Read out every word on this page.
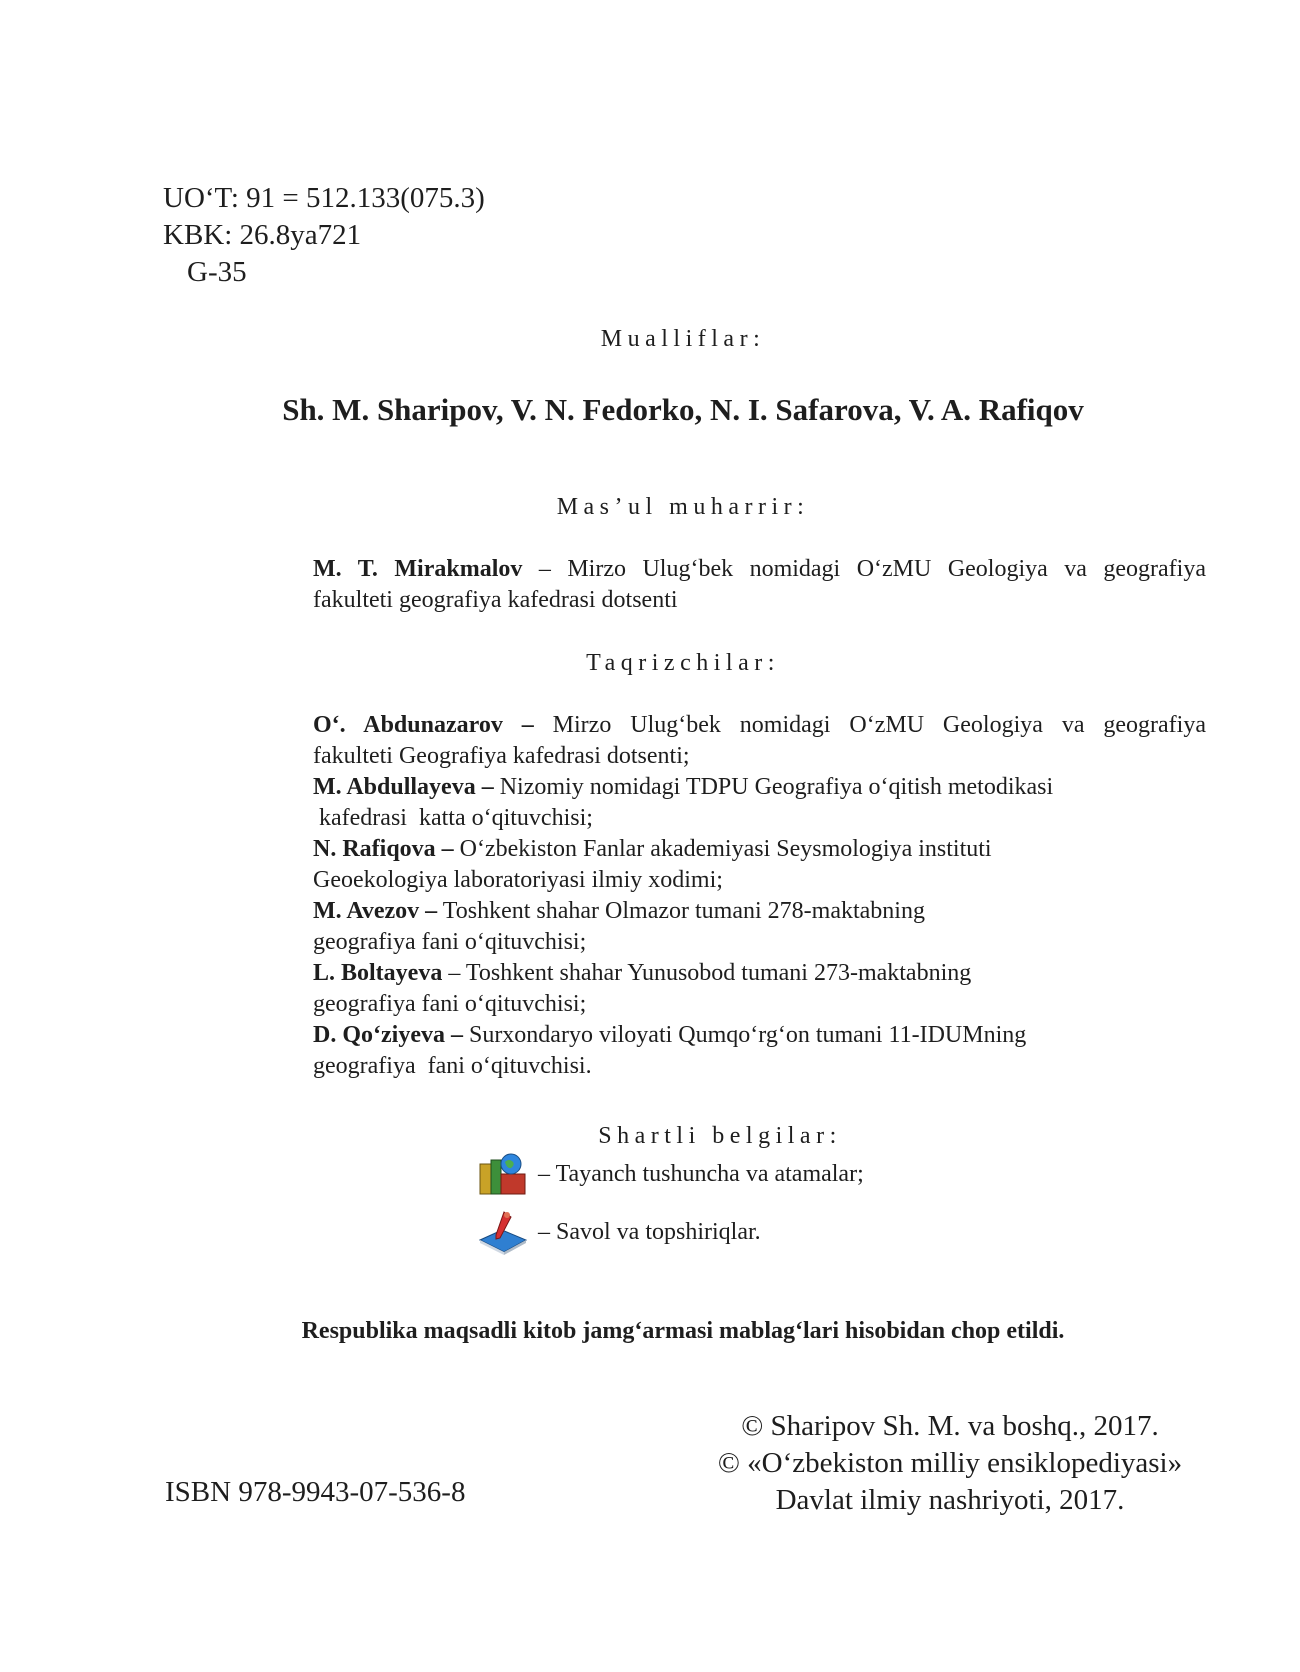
UO‘T: 91 = 512.133(075.3)
KBK: 26.8ya721
G-35
Mualliflar:
Sh. M. Sharipov, V. N. Fedorko, N. I. Safarova, V. A. Rafiqov
Mas’ul muharrir:

M. T. Mirakmalov – Mirzo Ulug‘bek nomidagi O‘zMU Geologiya va geografiya

fakulteti geografiya kafedrasi dotsenti

Taqrizchilar:

O‘. Abdunazarov – Mirzo Ulug‘bek nomidagi O‘zMU Geologiya va geografiya

fakulteti Geografiya kafedrasi dotsenti;

M. Abdullayeva – Nizomiy nomidagi TDPU Geografiya o‘qitish metodikasi

kafedrasi  katta o‘qituvchisi;

N. Rafiqova – O‘zbekiston Fanlar akademiyasi Seysmologiya instituti

Geoekologiya laboratoriyasi ilmiy xodimi;

M. Avezov – Toshkent shahar Olmazor tumani 278-maktabning

geografiya fani o‘qituvchisi;

L. Boltayeva – Toshkent shahar Yunusobod tumani 273-maktabning

geografiya fani o‘qituvchisi;

D. Qo‘ziyeva – Surxondaryo viloyati Qumqo‘rg‘on tumani 11-IDUMning

geografiya  fani o‘qituvchisi.

Shartli belgilar:
– Tayanch tushuncha va atamalar;
– Savol va topshiriqlar.
Respublika maqsadli kitob jamg‘armasi mablag‘lari hisobidan chop etildi.
ISBN 978-9943-07-536-8
© Sharipov Sh. M. va boshq., 2017.
© «O‘zbekiston milliy ensiklopediyasi»
Davlat ilmiy nashriyoti, 2017.
